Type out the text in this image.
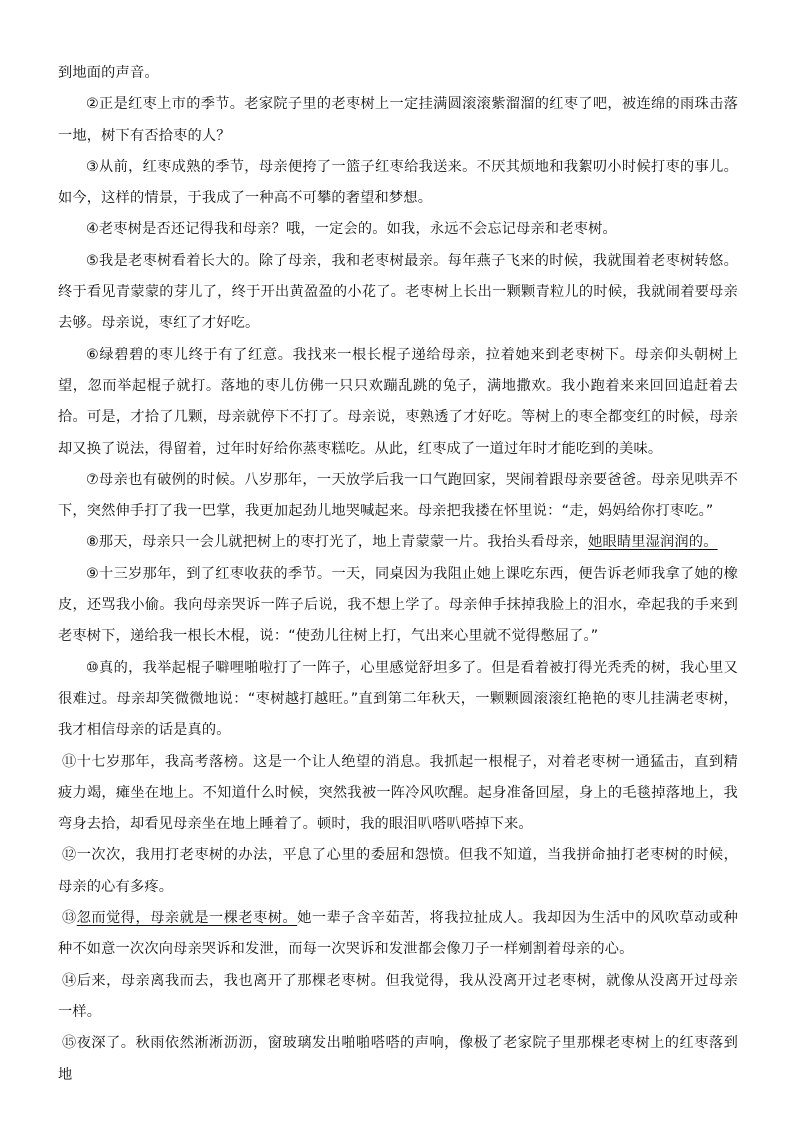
到地面的声音。

②正是红枣上市的季节。老家院子里的老枣树上一定挂满圆滚滚紫溜溜的红枣了吧，被连绵的雨珠击落一地，树下有否拾枣的人？

③从前，红枣成熟的季节，母亲便挎了一篮子红枣给我送来。不厌其烦地和我絮叨小时候打枣的事儿。如今，这样的情景，于我成了一种高不可攀的奢望和梦想。

④老枣树是否还记得我和母亲？哦，一定会的。如我，永远不会忘记母亲和老枣树。

⑤我是老枣树看着长大的。除了母亲，我和老枣树最亲。每年燕子飞来的时候，我就围着老枣树转悠。终于看见青蒙蒙的芽儿了，终于开出黄盈盈的小花了。老枣树上长出一颗颗青粒儿的时候，我就闹着要母亲去够。母亲说，枣红了才好吃。

⑥绿碧碧的枣儿终于有了红意。我找来一根长棍子递给母亲，拉着她来到老枣树下。母亲仰头朝树上望，忽而举起棍子就打。落地的枣儿仿佛一只只欢蹦乱跳的兔子，满地撒欢。我小跑着来来回回追赶着去拾。可是，才拾了几颗，母亲就停下不打了。母亲说，枣熟透了才好吃。等树上的枣全都变红的时候，母亲却又换了说法，得留着，过年时好给你蒸枣糕吃。从此，红枣成了一道过年时才能吃到的美味。

⑦母亲也有破例的时候。八岁那年，一天放学后我一口气跑回家，哭闹着跟母亲要爸爸。母亲见哄弄不下，突然伸手打了我一巴掌，我更加起劲儿地哭喊起来。母亲把我搂在怀里说：“走，妈妈给你打枣吃。”

⑧那天，母亲只一会儿就把树上的枣打光了，地上青蒙蒙一片。我抬头看母亲，她眼睛里湿润润的。

⑨十三岁那年，到了红枣收获的季节。一天，同桌因为我阻止她上课吃东西，便告诉老师我拿了她的橡皮，还骂我小偷。我向母亲哭诉一阵子后说，我不想上学了。母亲伸手抹掉我脸上的泪水，牵起我的手来到老枣树下，递给我一根长木棍，说：“使劲儿往树上打，气出来心里就不觉得憋屈了。”

⑩真的，我举起棍子噼哩啪啦打了一阵子，心里感觉舒坦多了。但是看着被打得光秃秃的树，我心里又很难过。母亲却笑微微地说：“枣树越打越旺。”直到第二年秋天，一颗颗圆滚滚红艳艳的枣儿挂满老枣树，我才相信母亲的话是真的。

⑪十七岁那年，我高考落榜。这是一个让人绝望的消息。我抓起一根棍子，对着老枣树一通猛击，直到精疲力竭，瘫坐在地上。不知道什么时候，突然我被一阵冷风吹醒。起身准备回屋，身上的毛毯掉落地上，我弯身去拾，却看见母亲坐在地上睡着了。顿时，我的眼泪叭嗒叭嗒掉下来。

⑫一次次，我用打老枣树的办法，平息了心里的委屈和怨愤。但我不知道，当我拼命抽打老枣树的时候，母亲的心有多疼。

⑬忽而觉得，母亲就是一棵老枣树。她一辈子含辛茹苦，将我拉扯成人。我却因为生活中的风吹草动或种种不如意一次次向母亲哭诉和发泄，而每一次哭诉和发泄都会像刀子一样剜割着母亲的心。

⑭后来，母亲离我而去，我也离开了那棵老枣树。但我觉得，我从没离开过老枣树，就像从没离开过母亲一样。

⑮夜深了。秋雨依然淅淅沥沥，窗玻璃发出啪啪嗒嗒的声响，像极了老家院子里那棵老枣树上的红枣落到地
